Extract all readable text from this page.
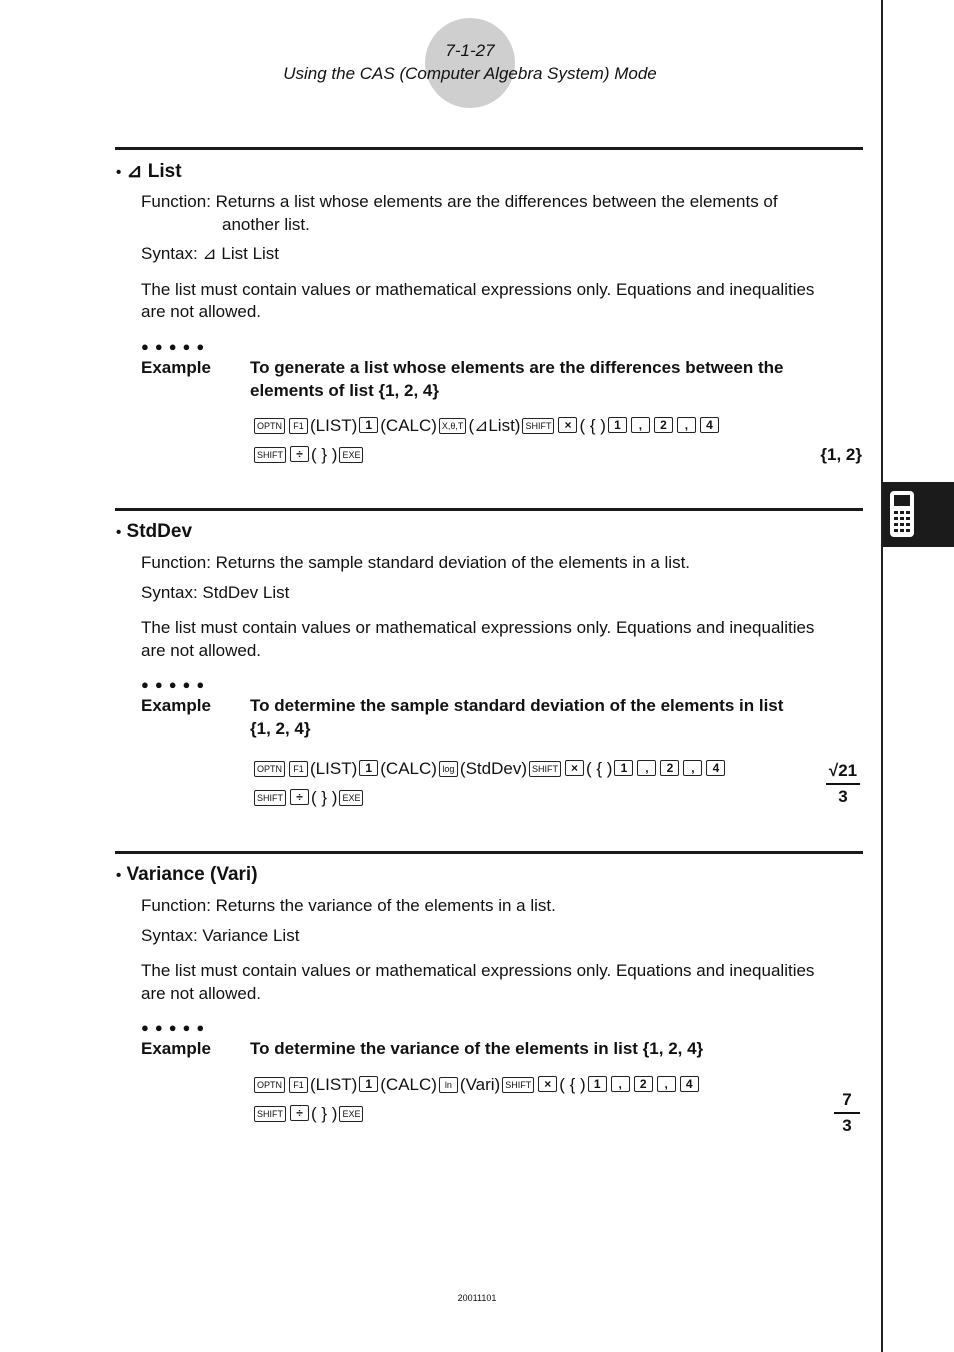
7-1-27
Using the CAS (Computer Algebra System) Mode
• ⊿ List
Function: Returns a list whose elements are the differences between the elements of
another list.
Syntax: ⊿ List List
The list must contain values or mathematical expressions only. Equations and inequalities
are not allowed.
●●●●●
Example To generate a list whose elements are the differences between the
elements of list {1, 2, 4}
OPTN F1 (LIST) 1 (CALC) X,θ,T (⊿List) SHIFT × ( { ) 1 , 2 , 4
SHIFT ÷ ( } ) EXE	{1, 2}
• StdDev
Function: Returns the sample standard deviation of the elements in a list.
Syntax: StdDev List
The list must contain values or mathematical expressions only. Equations and inequalities
are not allowed.
●●●●●
Example To determine the sample standard deviation of the elements in list
{1, 2, 4}
OPTN F1 (LIST) 1 (CALC) log (StdDev) SHIFT × ( { ) 1 , 2 , 4
SHIFT ÷ ( } ) EXE
√21
3
• Variance (Vari)
Function: Returns the variance of the elements in a list.
Syntax: Variance List
The list must contain values or mathematical expressions only. Equations and inequalities
are not allowed.
●●●●●
Example To determine the variance of the elements in list {1, 2, 4}
OPTN F1 (LIST) 1 (CALC) ln (Vari) SHIFT × ( { ) 1 , 2 , 4
SHIFT ÷ ( } ) EXE
7
3
20011101
